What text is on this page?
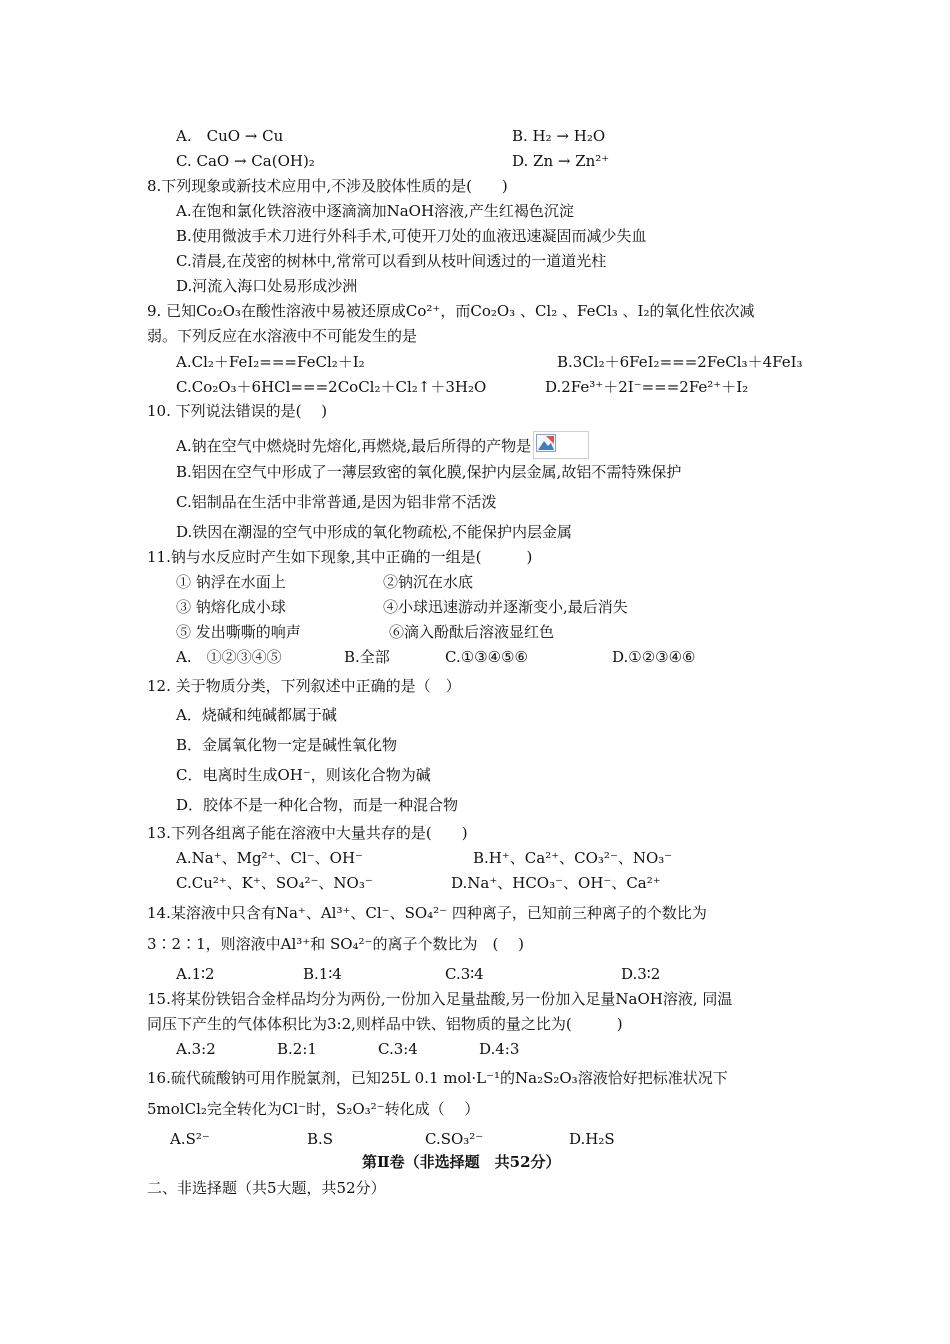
A.　CuO → Cu	B. H₂ → H₂O
C. CaO → Ca(OH)₂	D. Zn → Zn²⁺
8.下列现象或新技术应用中,不涉及胶体性质的是(　　)
A.在饱和氯化铁溶液中逐滴滴加NaOH溶液,产生红褐色沉淀
B.使用微波手术刀进行外科手术,可使开刀处的血液迅速凝固而减少失血
C.清晨,在茂密的树林中,常常可以看到从枝叶间透过的一道道光柱
D.河流入海口处易形成沙洲
9. 已知Co₂O₃在酸性溶液中易被还原成Co²⁺，而Co₂O₃ 、Cl₂ 、FeCl₃ 、I₂的氧化性依次减
弱。下列反应在水溶液中不可能发生的是
A.Cl₂＋FeI₂===FeCl₂＋I₂	B.3Cl₂＋6FeI₂===2FeCl₃＋4FeI₃
C.Co₂O₃＋6HCl===2CoCl₂＋Cl₂↑＋3H₂O	D.2Fe³⁺＋2I⁻===2Fe²⁺＋I₂
10. 下列说法错误的是(　 )
A.钠在空气中燃烧时先熔化,再燃烧,最后所得的产物是
B.铝因在空气中形成了一薄层致密的氧化膜,保护内层金属,故铝不需特殊保护
C.铝制品在生活中非常普通,是因为铝非常不活泼
D.铁因在潮湿的空气中形成的氧化物疏松,不能保护内层金属
11.钠与水反应时产生如下现象,其中正确的一组是(　　　)
① 钠浮在水面上	②钠沉在水底
③ 钠熔化成小球	④小球迅速游动并逐渐变小,最后消失
⑤ 发出嘶嘶的响声	⑥滴入酚酞后溶液显红色
A.　①②③④⑤	B.全部	C.①③④⑤⑥	D.①②③④⑥
12. 关于物质分类，下列叙述中正确的是（　）
A．烧碱和纯碱都属于碱
B．金属氧化物一定是碱性氧化物
C．电离时生成OH⁻，则该化合物为碱
D．胶体不是一种化合物，而是一种混合物
13.下列各组离子能在溶液中大量共存的是(　　)
A.Na⁺、Mg²⁺、Cl⁻、OH⁻	B.H⁺、Ca²⁺、CO₃²⁻、NO₃⁻
C.Cu²⁺、K⁺、SO₄²⁻、NO₃⁻	D.Na⁺、HCO₃⁻、OH⁻、Ca²⁺
14.某溶液中只含有Na⁺、Al³⁺、Cl⁻、SO₄²⁻ 四种离子，已知前三种离子的个数比为
3∶2∶1，则溶液中Al³⁺和 SO₄²⁻的离子个数比为　(　 )
A.1∶2	B.1∶4	C.3∶4	D.3∶2
15.将某份铁铝合金样品均分为两份,一份加入足量盐酸,另一份加入足量NaOH溶液, 同温
同压下产生的气体体积比为3:2,则样品中铁、铝物质的量之比为(　　　)
A.3:2	B.2:1	C.3:4	D.4:3
16.硫代硫酸钠可用作脱氯剂，已知25L 0.1 mol·L⁻¹的Na₂S₂O₃溶液恰好把标准状况下
5molCl₂完全转化为Cl⁻时，S₂O₃²⁻转化成（　 ）
A.S²⁻	B.S	C.SO₃²⁻	D.H₂S
第Ⅱ卷（非选择题　共52分）
二、非选择题（共5大题，共52分）
